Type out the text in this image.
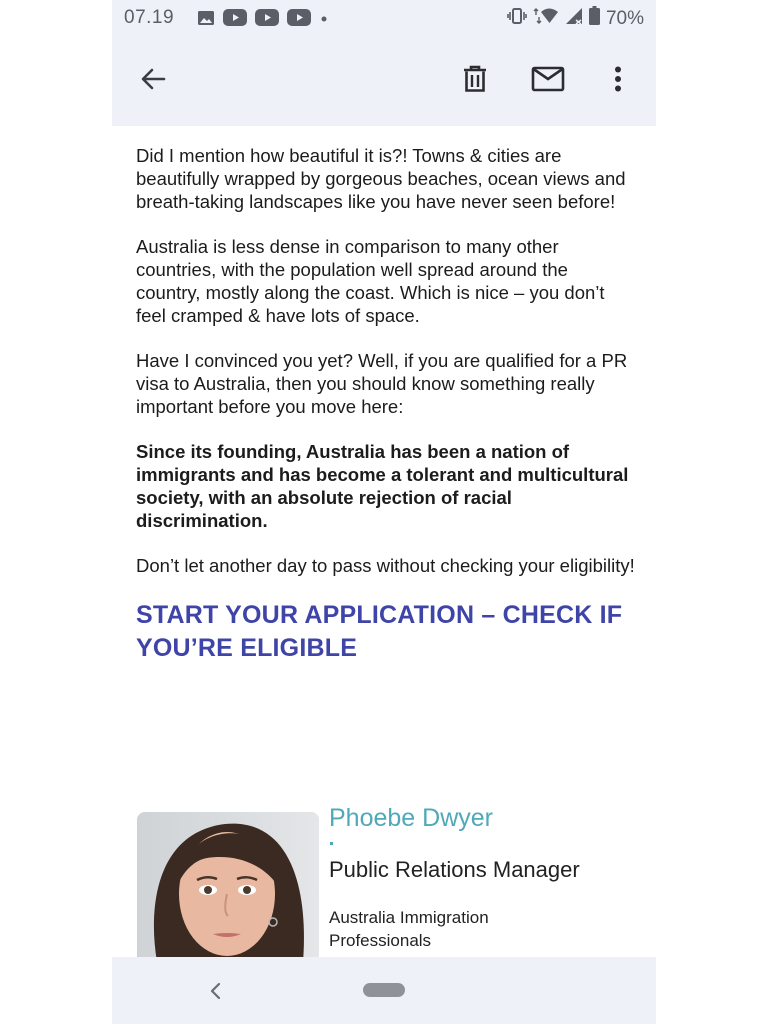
07.19	70%

Did I mention how beautiful it is?! Towns & cities are beautifully wrapped by gorgeous beaches, ocean views and breath-taking landscapes like you have never seen before!

Australia is less dense in comparison to many other countries, with the population well spread around the country, mostly along the coast. Which is nice – you don’t feel cramped & have lots of space.

Have I convinced you yet? Well, if you are qualified for a PR visa to Australia, then you should know something really important before you move here:

Since its founding, Australia has been a nation of immigrants and has become a tolerant and multicultural society, with an absolute rejection of racial discrimination.

Don’t let another day to pass without checking your eligibility!

START YOUR APPLICATION – CHECK IF YOU’RE ELIGIBLE
Phoebe Dwyer
Public Relations Manager
Australia Immigration Professionals
